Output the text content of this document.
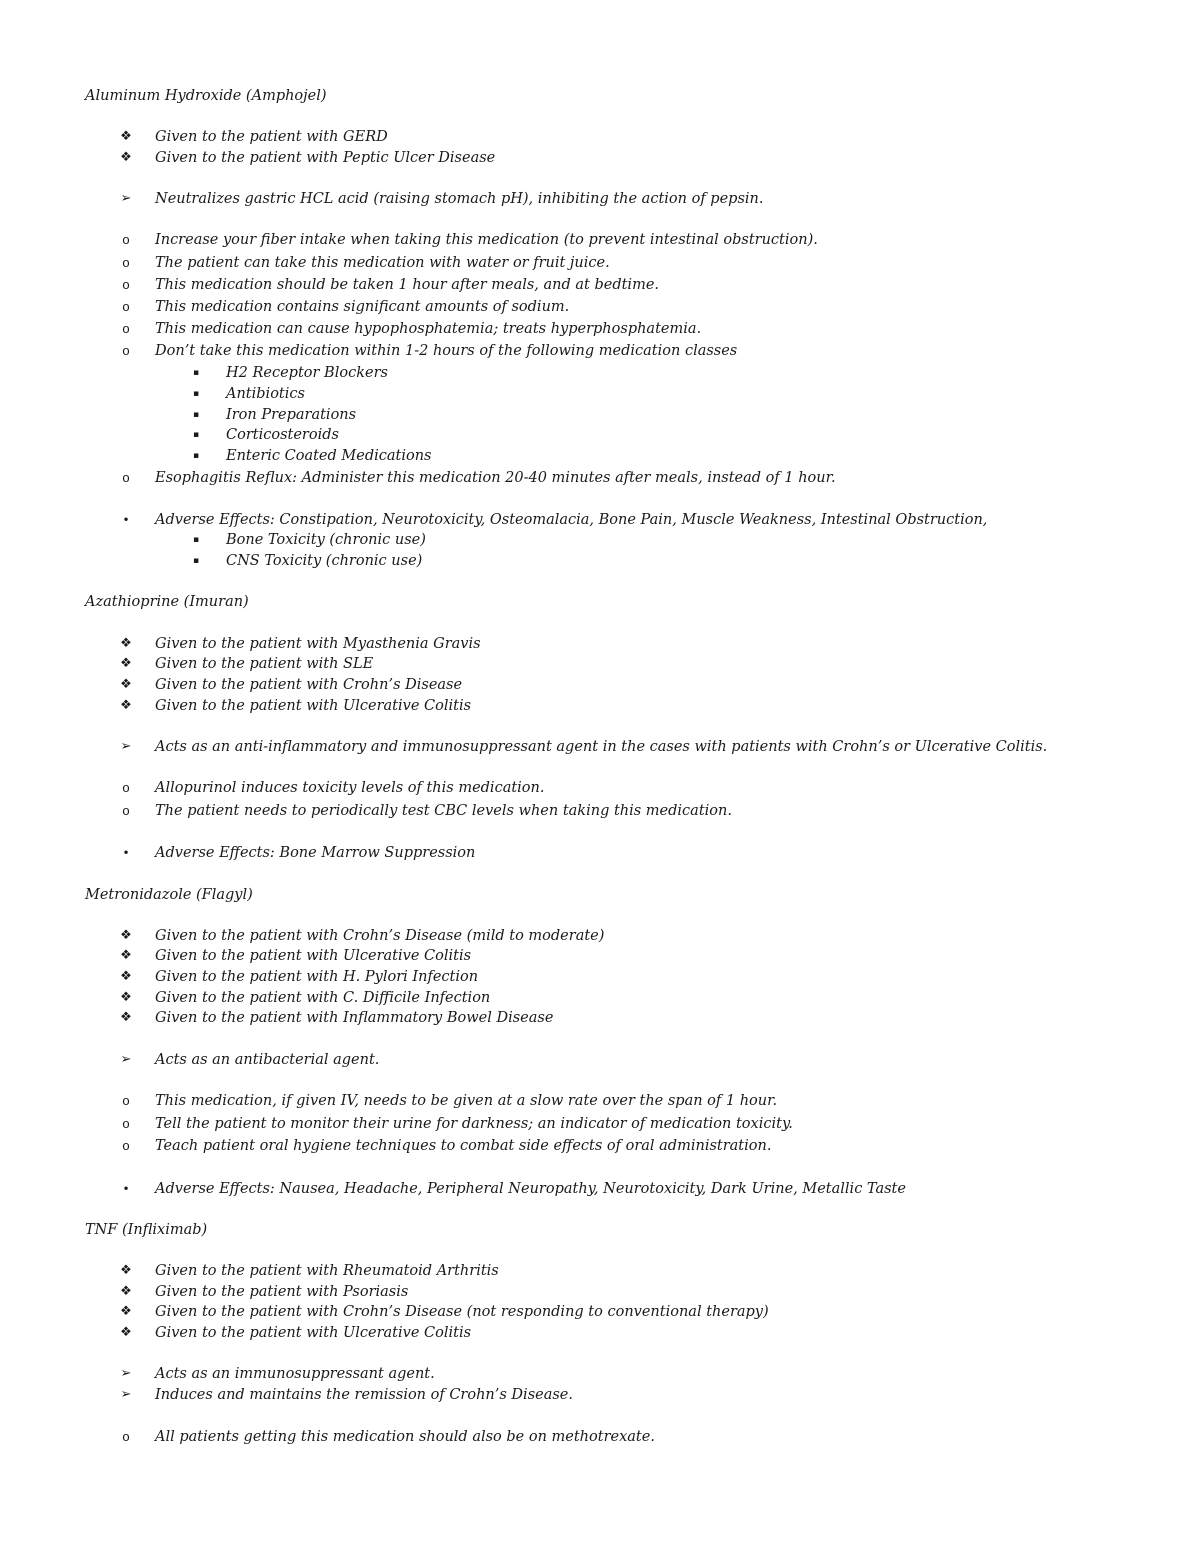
Aluminum Hydroxide (Amphojel)
❖ Given to the patient with GERD
❖ Given to the patient with Peptic Ulcer Disease
➢ Neutralizes gastric HCL acid (raising stomach pH), inhibiting the action of pepsin.
o	Increase your fiber intake when taking this medication (to prevent intestinal obstruction).
o	The patient can take this medication with water or fruit juice.
o	This medication should be taken 1 hour after meals, and at bedtime.
o	This medication contains significant amounts of sodium.
o	This medication can cause hypophosphatemia; treats hyperphosphatemia.
o	Don’t take this medication within 1-2 hours of the following medication classes
▪	H2 Receptor Blockers
▪	Antibiotics
▪	Iron Preparations
▪	Corticosteroids
▪	Enteric Coated Medications
o	Esophagitis Reflux: Administer this medication 20-40 minutes after meals, instead of 1 hour.
•	Adverse Effects: Constipation, Neurotoxicity, Osteomalacia, Bone Pain, Muscle Weakness, Intestinal Obstruction,
▪	Bone Toxicity (chronic use)
▪	CNS Toxicity (chronic use)
Azathioprine (Imuran)
❖ Given to the patient with Myasthenia Gravis
❖ Given to the patient with SLE
❖ Given to the patient with Crohn’s Disease
❖ Given to the patient with Ulcerative Colitis
➢ Acts as an anti-inflammatory and immunosuppressant agent in the cases with patients with Crohn’s or Ulcerative Colitis.
o	Allopurinol induces toxicity levels of this medication.
o	The patient needs to periodically test CBC levels when taking this medication.
•	Adverse Effects: Bone Marrow Suppression
Metronidazole (Flagyl)
❖ Given to the patient with Crohn’s Disease (mild to moderate)
❖ Given to the patient with Ulcerative Colitis
❖ Given to the patient with H. Pylori Infection
❖ Given to the patient with C. Difficile Infection
❖ Given to the patient with Inflammatory Bowel Disease
➢ Acts as an antibacterial agent.
o	This medication, if given IV, needs to be given at a slow rate over the span of 1 hour.
o	Tell the patient to monitor their urine for darkness; an indicator of medication toxicity.
o	Teach patient oral hygiene techniques to combat side effects of oral administration.
•	Adverse Effects: Nausea, Headache, Peripheral Neuropathy, Neurotoxicity, Dark Urine, Metallic Taste
TNF (Infliximab)
❖ Given to the patient with Rheumatoid Arthritis
❖ Given to the patient with Psoriasis
❖ Given to the patient with Crohn’s Disease (not responding to conventional therapy)
❖ Given to the patient with Ulcerative Colitis
➢ Acts as an immunosuppressant agent.
➢ Induces and maintains the remission of Crohn’s Disease.
o	All patients getting this medication should also be on methotrexate.
